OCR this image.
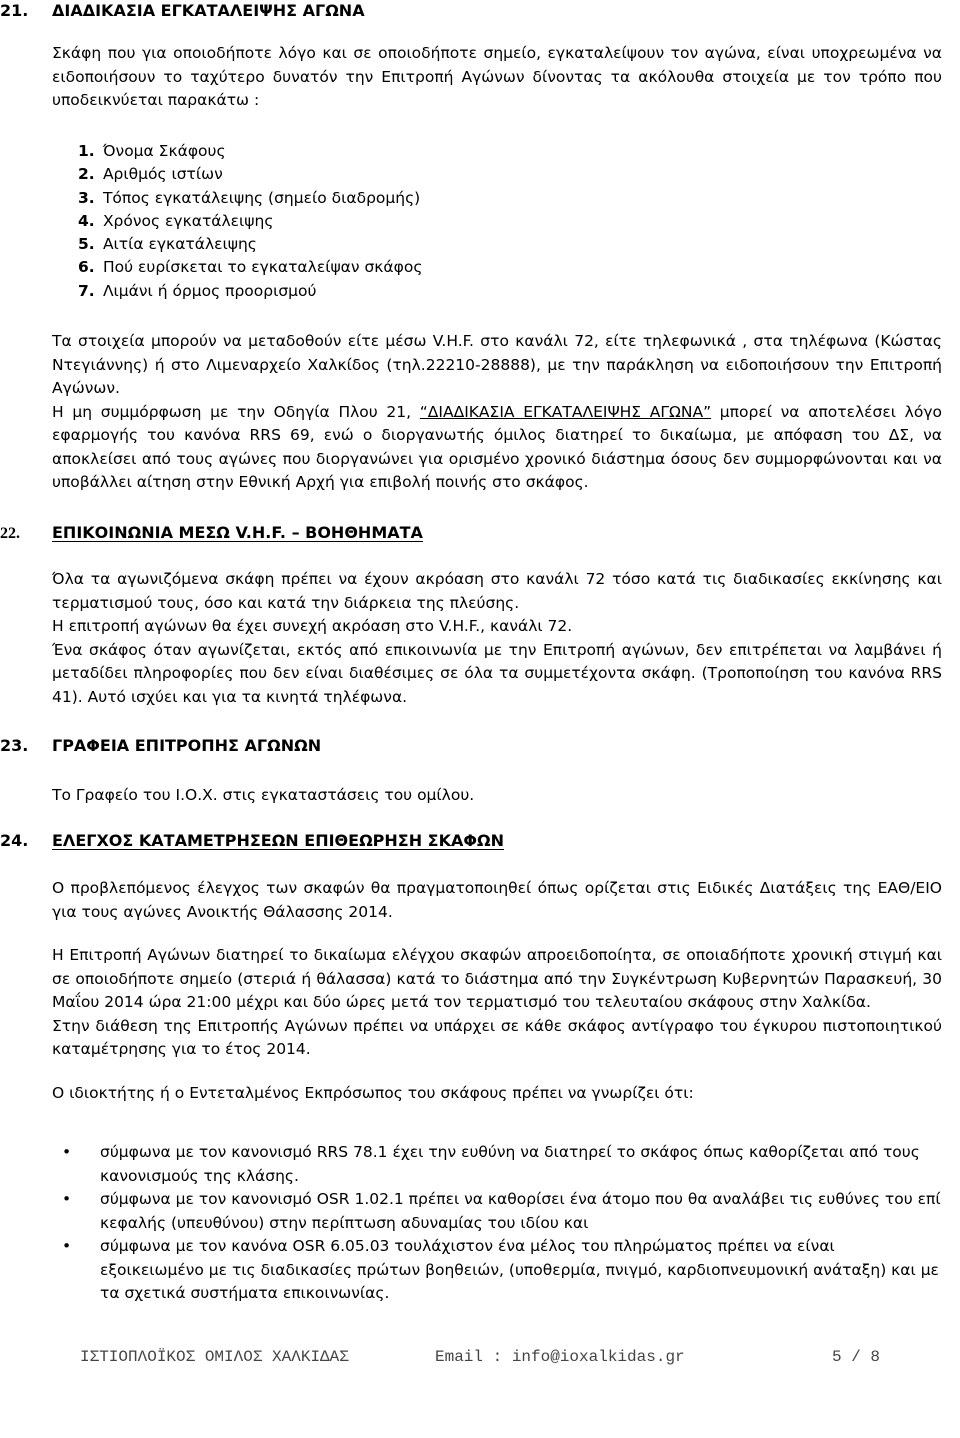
21. ΔΙΑΔΙΚΑΣΙΑ ΕΓΚΑΤΑΛΕΙΨΗΣ ΑΓΩΝΑ

Σκάφη που για οποιοδήποτε λόγο και σε οποιοδήποτε σημείο, εγκαταλείψουν τον αγώνα, είναι υποχρεωμένα να ειδοποιήσουν το ταχύτερο δυνατόν την Επιτροπή Αγώνων δίνοντας τα ακόλουθα στοιχεία με τον τρόπο που υποδεικνύεται παρακάτω :

1. Όνομα Σκάφους
2. Αριθμός ιστίων
3. Τόπος εγκατάλειψης (σημείο διαδρομής)
4. Χρόνος εγκατάλειψης
5. Αιτία εγκατάλειψης
6. Πού ευρίσκεται το εγκαταλείψαν σκάφος
7. Λιμάνι ή όρμος προορισμού

Τα στοιχεία μπορούν να μεταδοθούν είτε μέσω V.H.F. στο κανάλι 72, είτε τηλεφωνικά , στα τηλέφωνα (Κώστας Ντεγιάννης) ή στο Λιμεναρχείο Χαλκίδος (τηλ.22210-28888), με την παράκληση να ειδοποιήσουν την Επιτροπή Αγώνων.

Η μη συμμόρφωση με την Οδηγία Πλου 21, “ΔΙΑΔΙΚΑΣΙΑ ΕΓΚΑΤΑΛΕΙΨΗΣ ΑΓΩΝΑ” μπορεί να αποτελέσει λόγο εφαρμογής του κανόνα RRS 69, ενώ ο διοργανωτής όμιλος διατηρεί το δικαίωμα, με απόφαση του ΔΣ, να αποκλείσει από τους αγώνες που διοργανώνει για ορισμένο χρονικό διάστημα όσους δεν συμμορφώνονται και να υποβάλλει αίτηση στην Εθνική Αρχή για επιβολή ποινής στο σκάφος.

22. ΕΠΙΚΟΙΝΩΝΙΑ ΜΕΣΩ V.H.F. – ΒΟΗΘΗΜΑΤΑ

Όλα τα αγωνιζόμενα σκάφη πρέπει να έχουν ακρόαση στο κανάλι 72 τόσο κατά τις διαδικασίες εκκίνησης και τερματισμού τους, όσο και κατά την διάρκεια της πλεύσης.

Η επιτροπή αγώνων θα έχει συνεχή ακρόαση στο V.H.F., κανάλι 72.

Ένα σκάφος όταν αγωνίζεται, εκτός από επικοινωνία με την Επιτροπή αγώνων, δεν επιτρέπεται να λαμβάνει ή μεταδίδει πληροφορίες που δεν είναι διαθέσιμες σε όλα τα συμμετέχοντα σκάφη. (Τροποποίηση του κανόνα RRS 41). Αυτό ισχύει και για τα κινητά τηλέφωνα.

23. ΓΡΑΦΕΙΑ ΕΠΙΤΡΟΠΗΣ ΑΓΩΝΩΝ

Το Γραφείο του Ι.Ο.Χ. στις εγκαταστάσεις του ομίλου.

24. ΕΛΕΓΧΟΣ ΚΑΤΑΜΕΤΡΗΣΕΩΝ ΕΠΙΘΕΩΡΗΣΗ ΣΚΑΦΩΝ

Ο προβλεπόμενος έλεγχος των σκαφών θα πραγματοποιηθεί όπως ορίζεται στις Ειδικές Διατάξεις της ΕΑΘ/ΕΙΟ για τους αγώνες Ανοικτής Θάλασσης 2014.

Η Επιτροπή Αγώνων διατηρεί το δικαίωμα ελέγχου σκαφών απροειδοποίητα, σε οποιαδήποτε χρονική στιγμή και σε οποιοδήποτε σημείο (στεριά ή θάλασσα) κατά το διάστημα από την Συγκέντρωση Κυβερνητών Παρασκευή, 30 Μαΐου 2014 ώρα 21:00 μέχρι και δύο ώρες μετά τον τερματισμό του τελευταίου σκάφους στην Χαλκίδα.

Στην διάθεση της Επιτροπής Αγώνων πρέπει να υπάρχει σε κάθε σκάφος αντίγραφο του έγκυρου πιστοποιητικού καταμέτρησης για το έτος 2014.

Ο ιδιοκτήτης ή ο Εντεταλμένος Εκπρόσωπος του σκάφους πρέπει να γνωρίζει ότι:

• σύμφωνα με τον κανονισμό RRS 78.1 έχει την ευθύνη να διατηρεί το σκάφος όπως καθορίζεται από τους κανονισμούς της κλάσης.
• σύμφωνα με τον κανονισμό OSR 1.02.1 πρέπει να καθορίσει ένα άτομο που θα αναλάβει τις ευθύνες του επί κεφαλής (υπευθύνου) στην περίπτωση αδυναμίας του ιδίου και
• σύμφωνα με τον κανόνα OSR 6.05.03 τουλάχιστον ένα μέλος του πληρώματος πρέπει να είναι εξοικειωμένο με τις διαδικασίες πρώτων βοηθειών, (υποθερμία, πνιγμό, καρδιοπνευμονική ανάταξη) και με τα σχετικά συστήματα επικοινωνίας.

ΙΣΤΙΟΠΛΟΪΚΟΣ ΟΜΙΛΟΣ ΧΑΛΚΙΔΑΣ

	Email : info@ioxalkidas.gr

	5 / 8
